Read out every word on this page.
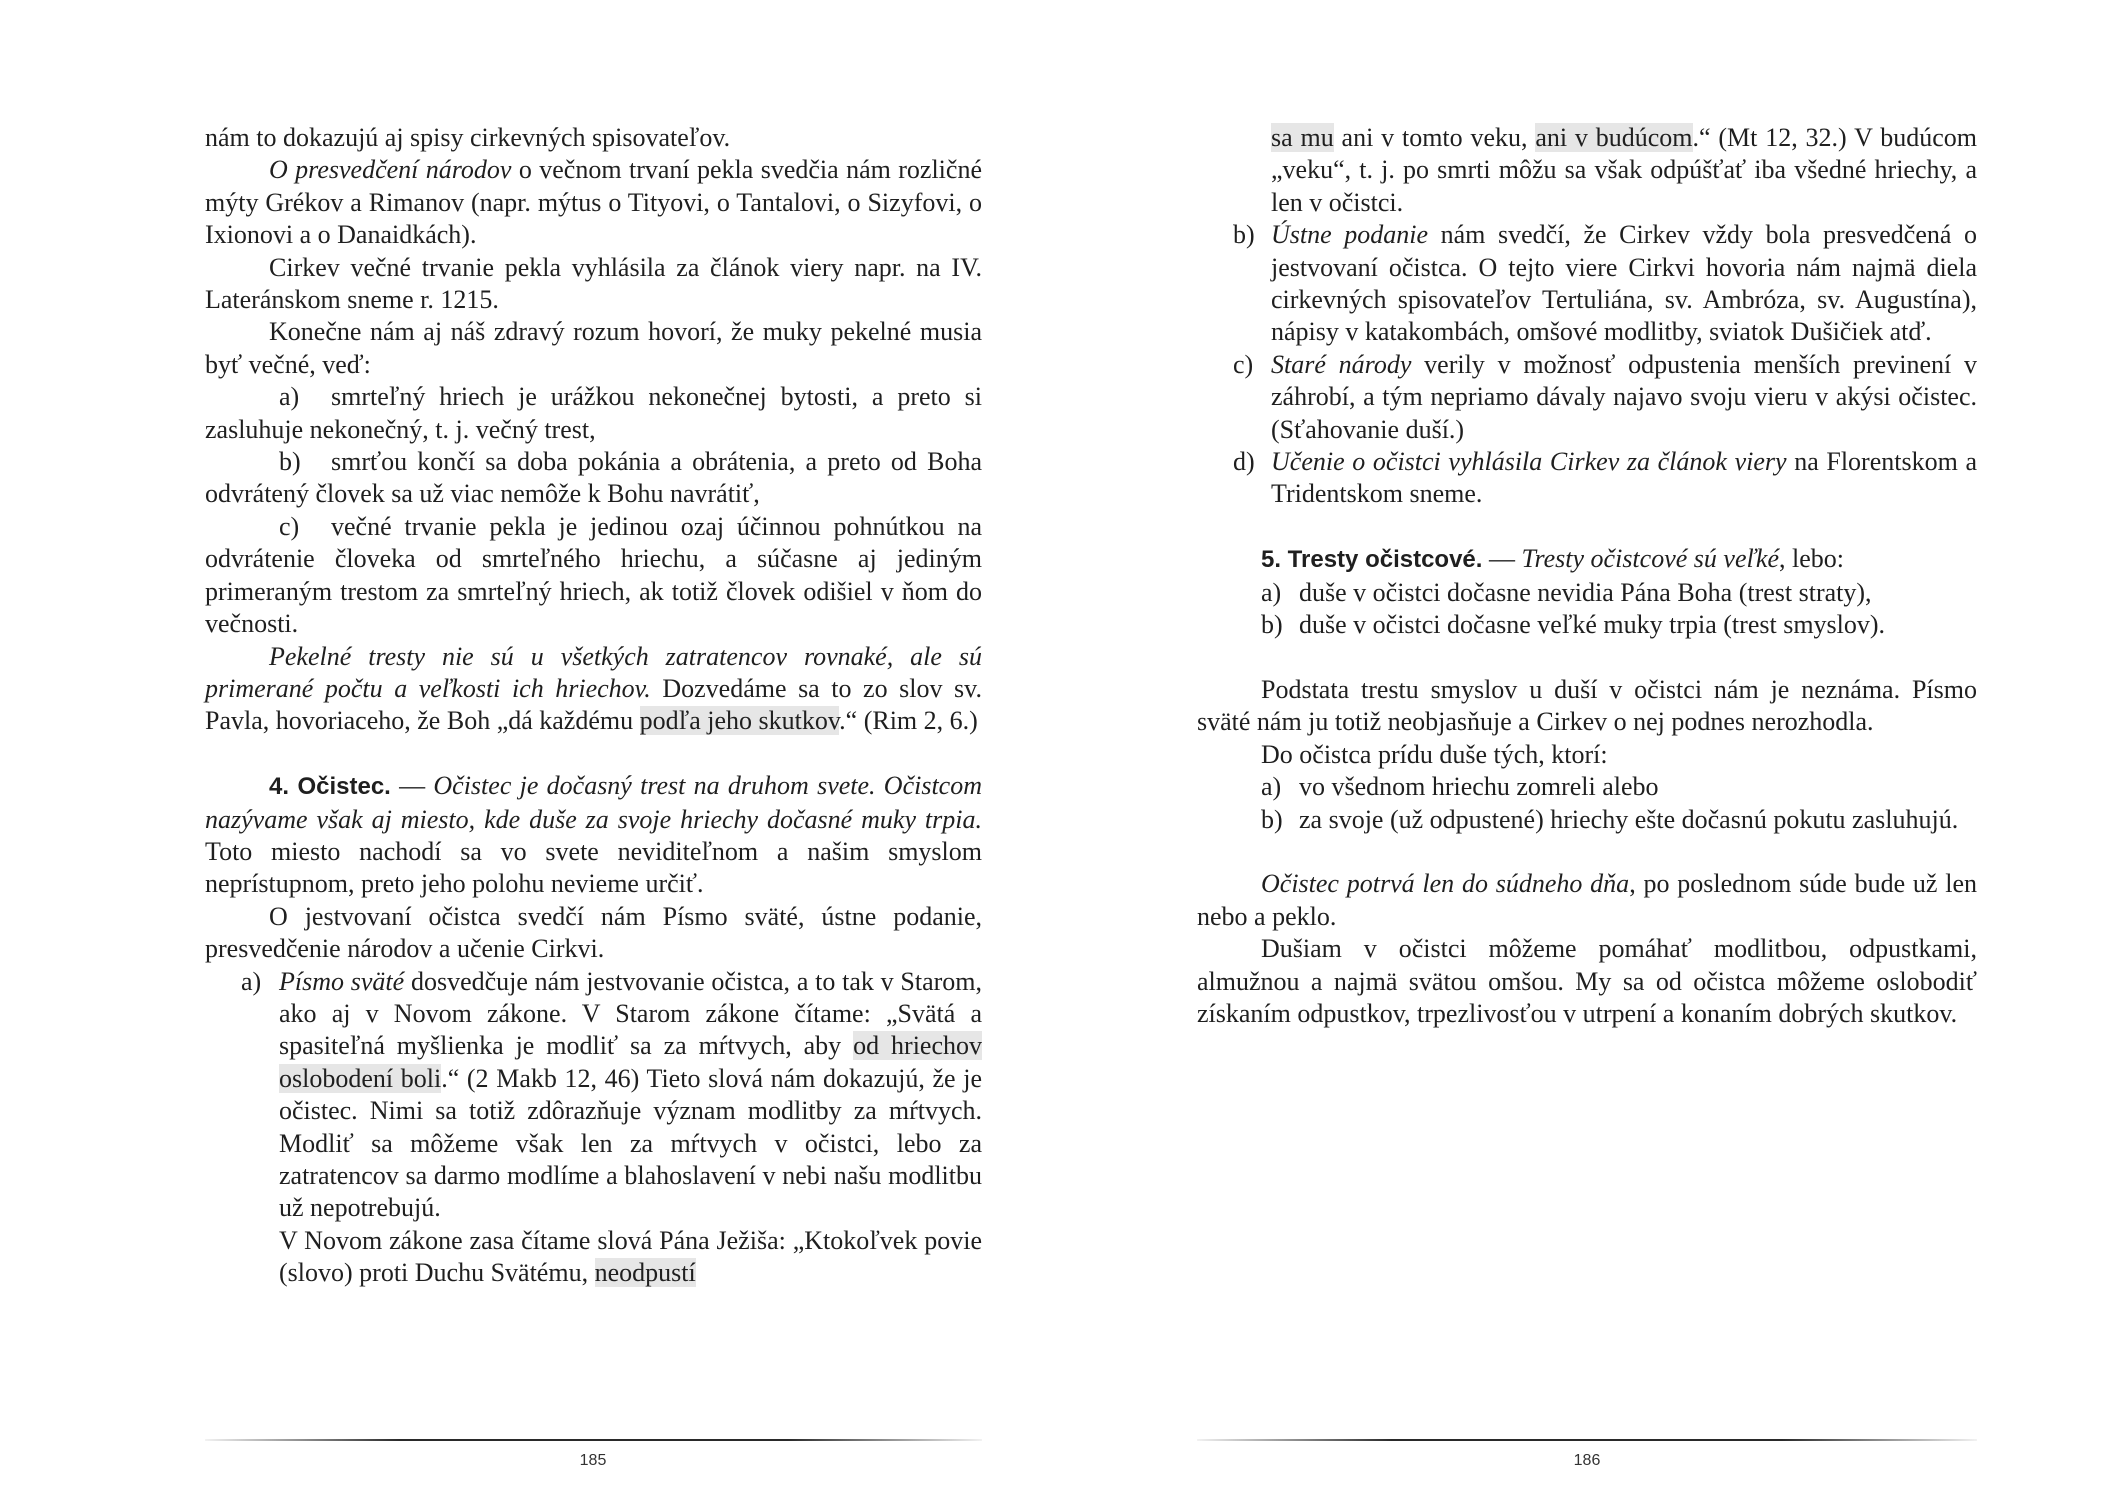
nám to dokazujú aj spisy cirkevných spisovateľov.

O presvedčení národov o večnom trvaní pekla svedčia nám rozličné mýty Grékov a Rimanov (napr. mýtus o Tityovi, o Tantalovi, o Sizyfovi, o Ixionovi a o Danaidkách).

Cirkev večné trvanie pekla vyhlásila za článok viery napr. na IV. Lateránskom sneme r. 1215.

Konečne nám aj náš zdravý rozum hovorí, že muky pekelné musia byť večné, veď:

a) smrteľný hriech je urážkou nekonečnej bytosti, a preto si zasluhuje nekonečný, t. j. večný trest,

b) smrťou končí sa doba pokánia a obrátenia, a preto od Boha odvrátený človek sa už viac nemôže k Bohu navrátiť,

c) večné trvanie pekla je jedinou ozaj účinnou pohnútkou na odvrátenie človeka od smrteľného hriechu, a súčasne aj jediným primeraným trestom za smrteľný hriech, ak totiž človek odišiel v ňom do večnosti.

Pekelné tresty nie sú u všetkých zatratencov rovnaké, ale sú primerané počtu a veľkosti ich hriechov. Dozvedáme sa to zo slov sv. Pavla, hovoriaceho, že Boh „dá každému podľa jeho skutkov.“ (Rim 2, 6.)

4. Očistec. — Očistec je dočasný trest na druhom svete. Očistcom nazývame však aj miesto, kde duše za svoje hriechy dočasné muky trpia. Toto miesto nachodí sa vo svete neviditeľnom a našim smyslom neprístupnom, preto jeho polohu nevieme určiť.

O jestvovaní očistca svedčí nám Písmo sväté, ústne podanie, presvedčenie národov a učenie Cirkvi.

a) Písmo sväté dosvedčuje nám jestvovanie očistca, a to tak v Starom, ako aj v Novom zákone. V Starom zákone čítame: „Svätá a spasiteľná myšlienka je modliť sa za mŕtvych, aby od hriechov oslobodení boli.“ (2 Makb 12, 46) Tieto slová nám dokazujú, že je očistec. Nimi sa totiž zdôrazňuje význam modlitby za mŕtvych. Modliť sa môžeme však len za mŕtvych v očistci, lebo za zatratencov sa darmo modlíme a blahoslavení v nebi našu modlitbu už nepotrebujú.

V Novom zákone zasa čítame slová Pána Ježiša: „Ktokoľvek povie (slovo) proti Duchu Svätému, neodpustí

185

sa mu ani v tomto veku, ani v budúcom.“ (Mt 12, 32.) V budúcom „veku“, t. j. po smrti môžu sa však odpúšťať iba všedné hriechy, a len v očistci.

b) Ústne podanie nám svedčí, že Cirkev vždy bola presvedčená o jestvovaní očistca. O tejto viere Cirkvi hovoria nám najmä diela cirkevných spisovateľov Tertuliána, sv. Ambróza, sv. Augustína), nápisy v katakombách, omšové modlitby, sviatok Dušičiek atď.

c) Staré národy verily v možnosť odpustenia menších previnení v záhrobí, a tým nepriamo dávaly najavo svoju vieru v akýsi očistec. (Sťahovanie duší.)

d) Učenie o očistci vyhlásila Cirkev za článok viery na Florentskom a Tridentskom sneme.

5. Tresty očistcové. — Tresty očistcové sú veľké, lebo:

a) duše v očistci dočasne nevidia Pána Boha (trest straty),

b) duše v očistci dočasne veľké muky trpia (trest smyslov).

Podstata trestu smyslov u duší v očistci nám je neznáma. Písmo sväté nám ju totiž neobjasňuje a Cirkev o nej podnes nerozhodla.

Do očistca prídu duše tých, ktorí:

a) vo všednom hriechu zomreli alebo

b) za svoje (už odpustené) hriechy ešte dočasnú pokutu zasluhujú.

Očistec potrvá len do súdneho dňa, po poslednom súde bude už len nebo a peklo.

Dušiam v očistci môžeme pomáhať modlitbou, odpustkami, almužnou a najmä svätou omšou. My sa od očistca môžeme oslobodiť získaním odpustkov, trpezlivosťou v utrpení a konaním dobrých skutkov.

186
